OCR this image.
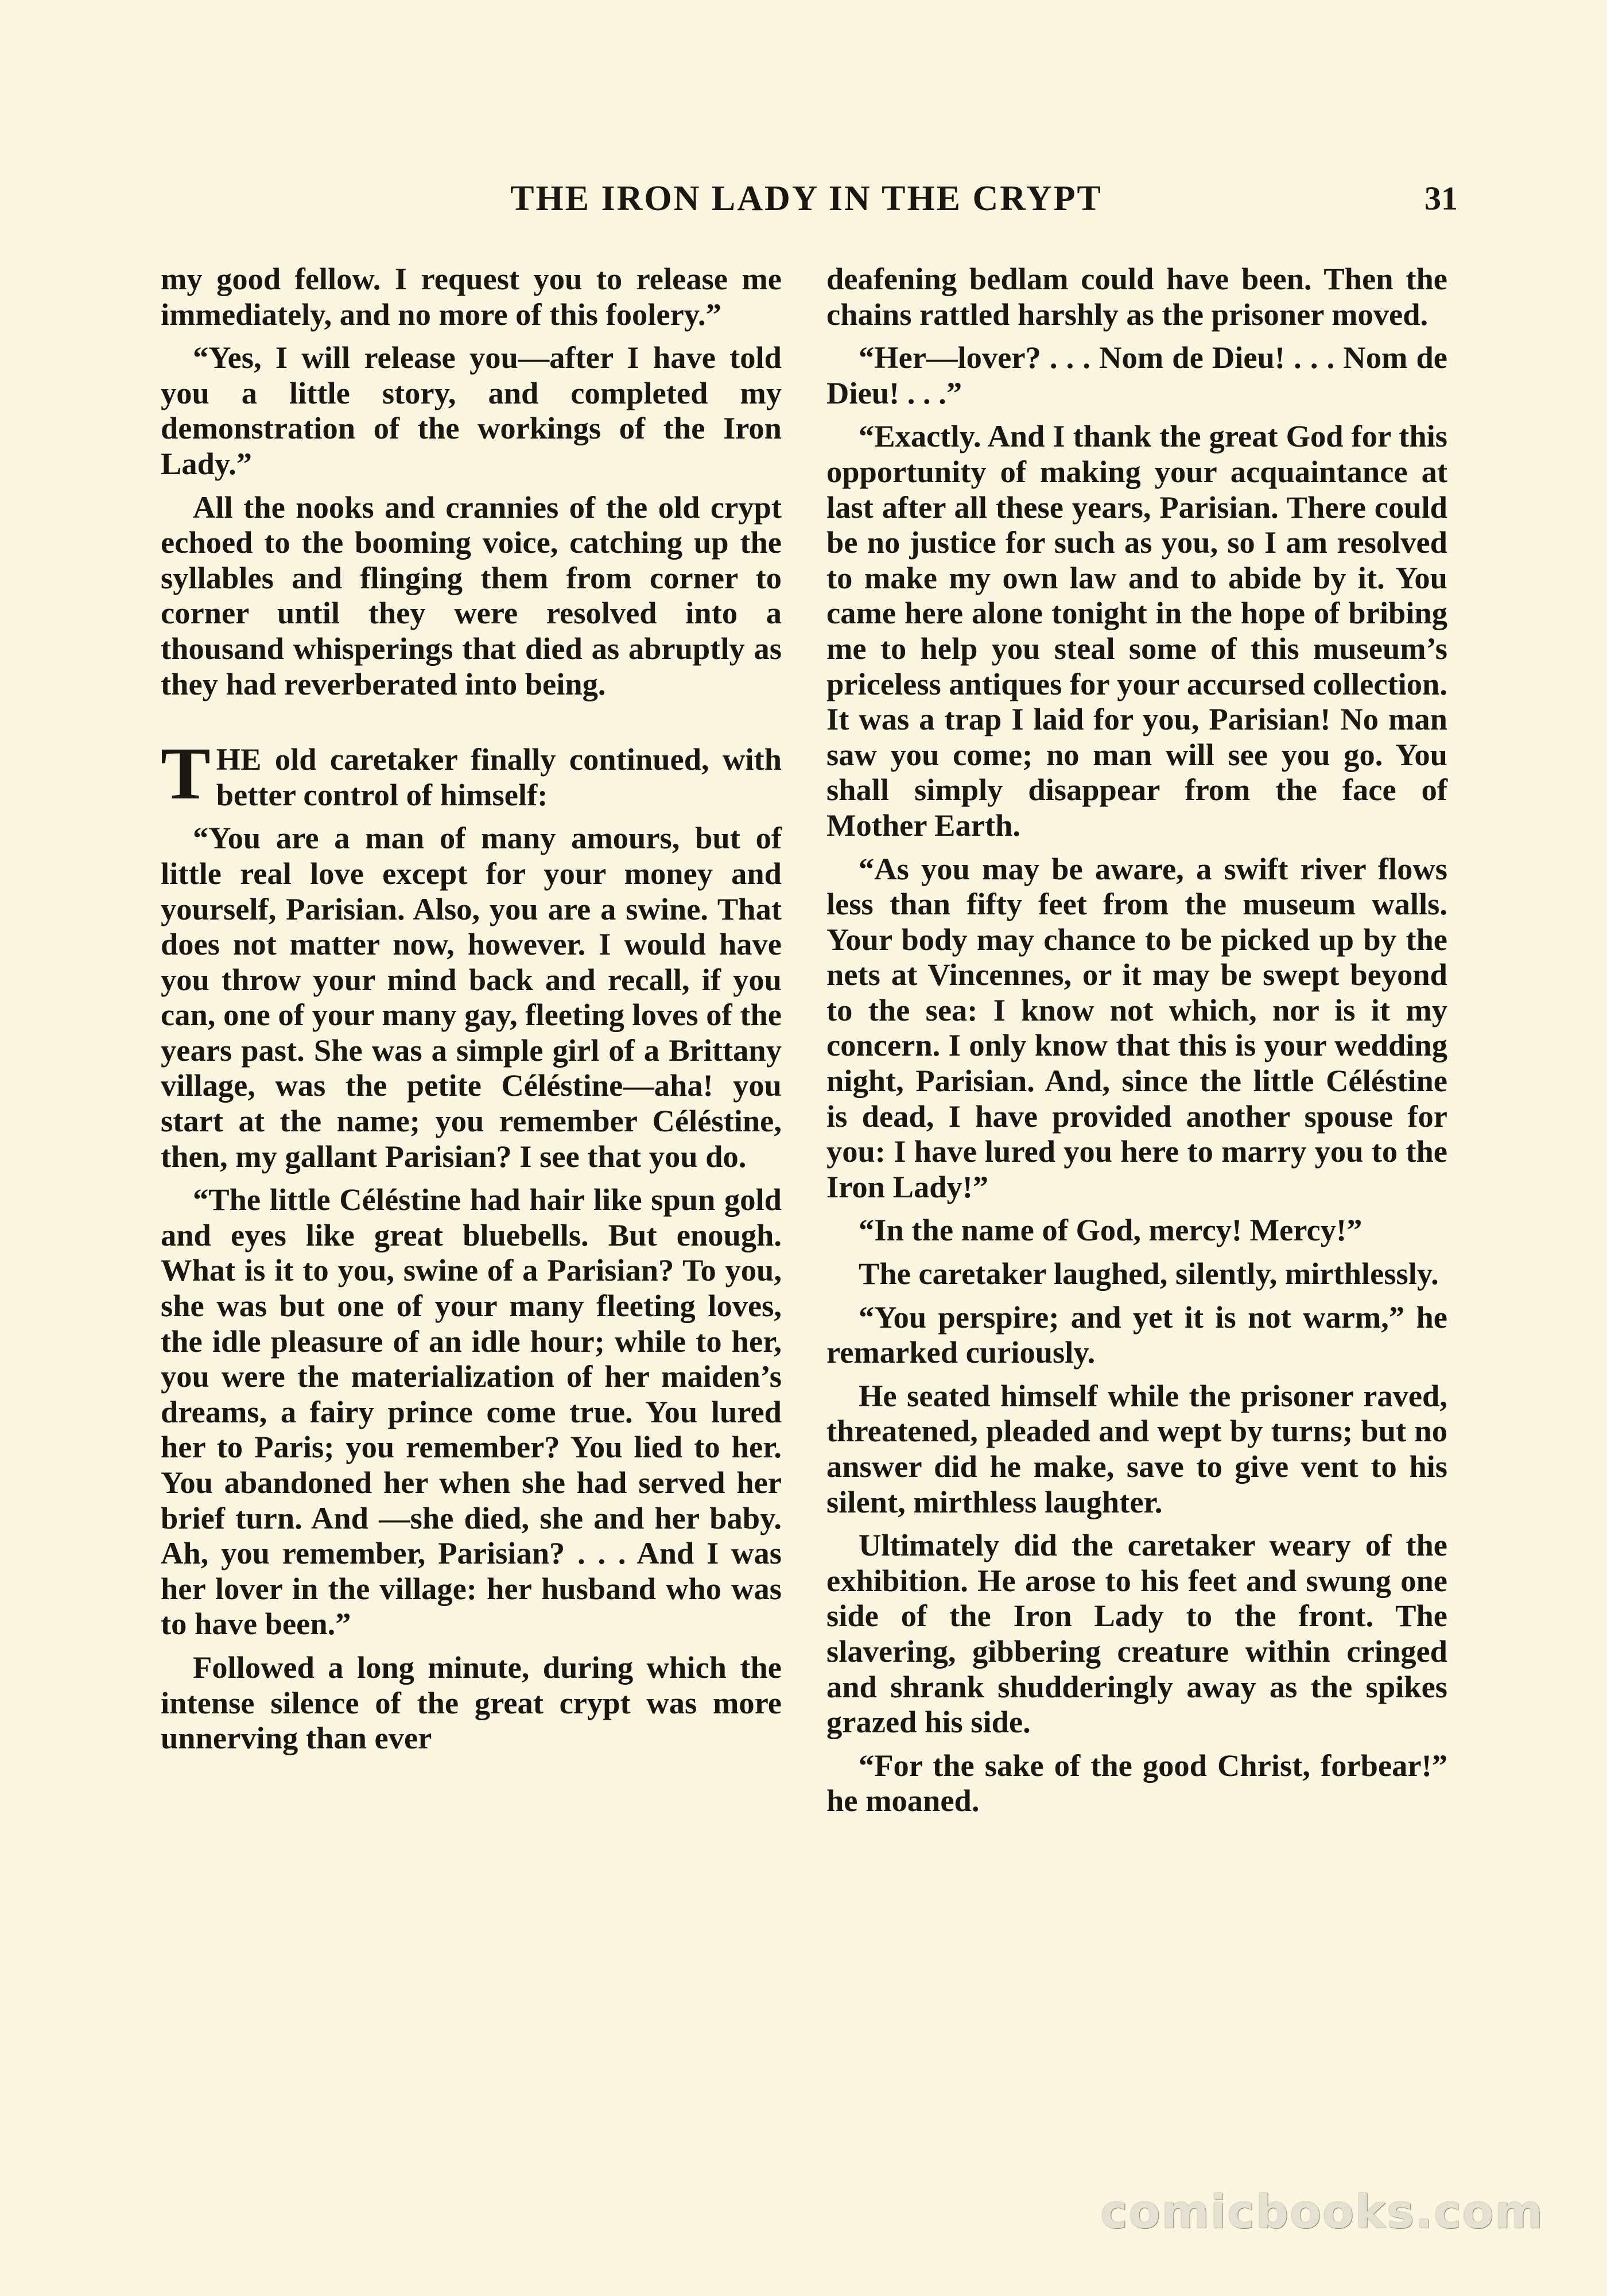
THE IRON LADY IN THE CRYPT	31

my good fellow. I request you to release me immediately, and no more of this foolery.”

“Yes, I will release you—after I have told you a little story, and completed my demonstration of the workings of the Iron Lady.”

All the nooks and crannies of the old crypt echoed to the booming voice, catching up the syllables and flinging them from corner to corner until they were resolved into a thousand whisperings that died as abruptly as they had reverberated into being.

THE old caretaker finally continued, with better control of himself:

“You are a man of many amours, but of little real love except for your money and yourself, Parisian. Also, you are a swine. That does not matter now, however. I would have you throw your mind back and recall, if you can, one of your many gay, fleeting loves of the years past. She was a simple girl of a Brittany village, was the petite Céléstine—aha! you start at the name; you remember Céléstine, then, my gallant Parisian? I see that you do.

“The little Céléstine had hair like spun gold and eyes like great bluebells. But enough. What is it to you, swine of a Parisian? To you, she was but one of your many fleeting loves, the idle pleasure of an idle hour; while to her, you were the materialization of her maiden’s dreams, a fairy prince come true. You lured her to Paris; you remember? You lied to her. You abandoned her when she had served her brief turn. And —she died, she and her baby. Ah, you remember, Parisian? . . . And I was her lover in the village: her husband who was to have been.”

Followed a long minute, during which the intense silence of the great crypt was more unnerving than ever

deafening bedlam could have been. Then the chains rattled harshly as the prisoner moved.

“Her—lover? . . . Nom de Dieu! . . . Nom de Dieu! . . .”

“Exactly. And I thank the great God for this opportunity of making your acquaintance at last after all these years, Parisian. There could be no justice for such as you, so I am resolved to make my own law and to abide by it. You came here alone tonight in the hope of bribing me to help you steal some of this museum’s priceless antiques for your accursed collection. It was a trap I laid for you, Parisian! No man saw you come; no man will see you go. You shall simply disappear from the face of Mother Earth.

“As you may be aware, a swift river flows less than fifty feet from the museum walls. Your body may chance to be picked up by the nets at Vincennes, or it may be swept beyond to the sea: I know not which, nor is it my concern. I only know that this is your wedding night, Parisian. And, since the little Céléstine is dead, I have provided another spouse for you: I have lured you here to marry you to the Iron Lady!”

“In the name of God, mercy! Mercy!”

The caretaker laughed, silently, mirthlessly.

“You perspire; and yet it is not warm,” he remarked curiously.

He seated himself while the prisoner raved, threatened, pleaded and wept by turns; but no answer did he make, save to give vent to his silent, mirthless laughter.

Ultimately did the caretaker weary of the exhibition. He arose to his feet and swung one side of the Iron Lady to the front. The slavering, gibbering creature within cringed and shrank shudderingly away as the spikes grazed his side.

“For the sake of the good Christ, forbear!” he moaned.

comicbooks.com
